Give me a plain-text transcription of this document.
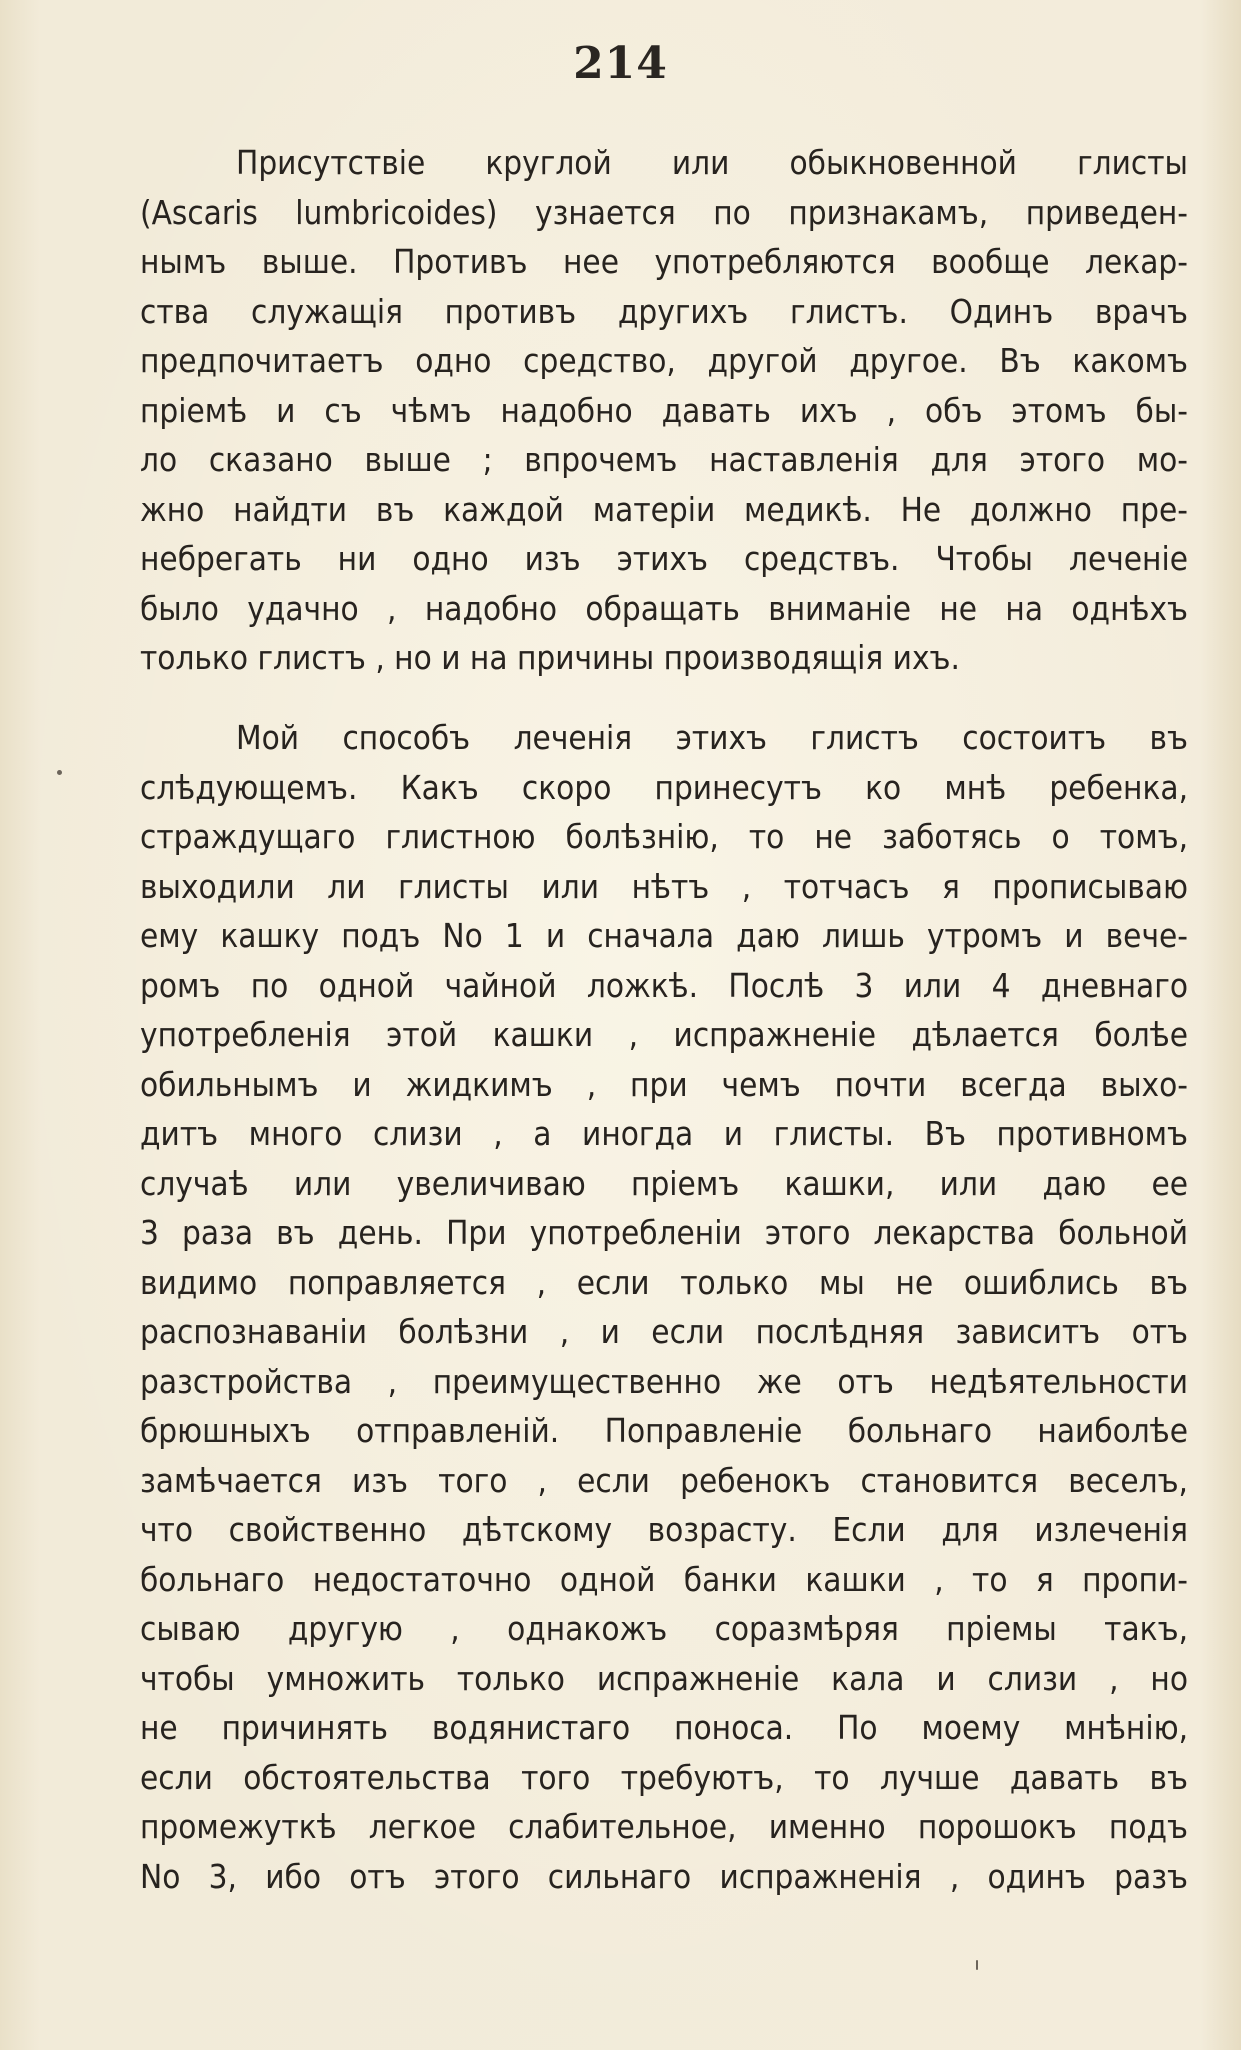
214
Присутствіе круглой или обыкновенной глисты
(Ascaris lumbricoides) узнается по признакамъ, приведен-
нымъ выше. Противъ нее употребляются вообще лекар-
ства служащія противъ другихъ глистъ. Одинъ врачъ
предпочитаетъ одно средство, другой другое. Въ какомъ
пріемѣ и съ чѣмъ надобно давать ихъ , объ этомъ бы-
ло сказано выше ; впрочемъ наставленія для этого мо-
жно найдти въ каждой матеріи медикѣ. Не должно пре-
небрегать ни одно изъ этихъ средствъ. Чтобы леченіе
было удачно , надобно обращать вниманіе не на однѣхъ
только глистъ , но и на причины производящія ихъ.
Мой способъ леченія этихъ глистъ состоитъ въ
слѣдующемъ. Какъ скоро принесутъ ко мнѣ ребенка,
страждущаго глистною болѣзнію, то не заботясь о томъ,
выходили ли глисты или нѣтъ , тотчасъ я прописываю
ему кашку подъ No 1 и сначала даю лишь утромъ и вече-
ромъ по одной чайной ложкѣ. Послѣ 3 или 4 дневнаго
употребленія этой кашки , испражненіе дѣлается болѣе
обильнымъ и жидкимъ , при чемъ почти всегда выхо-
дитъ много слизи , а иногда и глисты. Въ противномъ
случаѣ или увеличиваю пріемъ кашки, или даю ее
3 раза въ день. При употребленіи этого лекарства больной
видимо поправляется , если только мы не ошиблись въ
распознаваніи болѣзни , и если послѣдняя зависитъ отъ
разстройства , преимущественно же отъ недѣятельности
брюшныхъ отправленій. Поправленіе больнаго наиболѣе
замѣчается изъ того , если ребенокъ становится веселъ,
что свойственно дѣтскому возрасту. Если для излеченія
больнаго недостаточно одной банки кашки , то я пропи-
сываю другую , однакожъ соразмѣряя пріемы такъ,
чтобы умножить только испражненіе кала и слизи , но
не причинять водянистаго поноса. По моему мнѣнію,
если обстоятельства того требуютъ, то лучше давать въ
промежуткѣ легкое слабительное, именно порошокъ подъ
No 3, ибо отъ этого сильнаго испражненія , одинъ разъ
